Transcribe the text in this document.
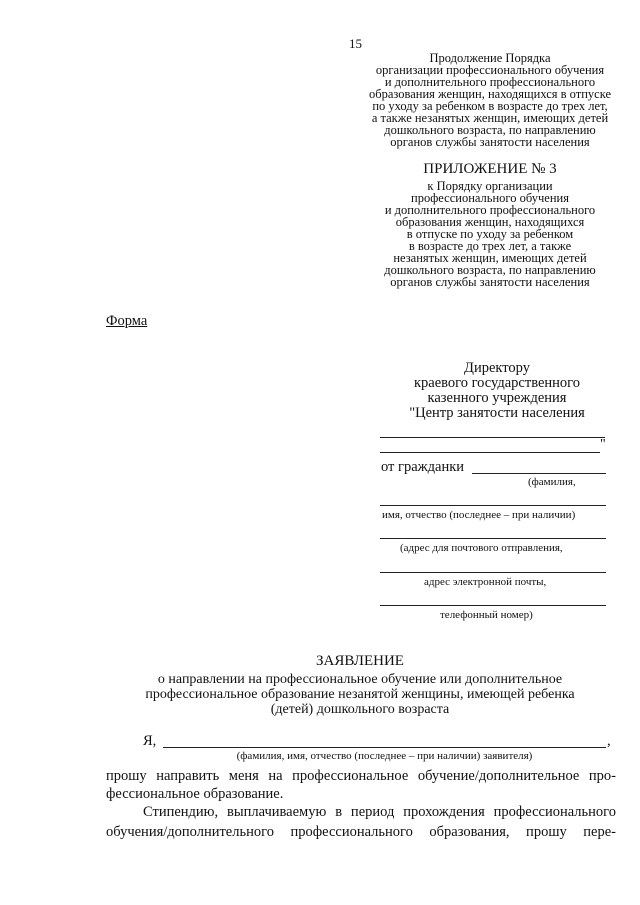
15
Продолжение Порядка
организации профессионального обучения
и дополнительного профессионального
образования женщин, находящихся в отпуске
по уходу за ребенком в возрасте до трех лет,
а также незанятых женщин, имеющих детей
дошкольного возраста, по направлению
органов службы занятости населения
ПРИЛОЖЕНИЕ № 3
к Порядку организации
профессионального обучения
и дополнительного профессионального
образования женщин, находящихся
в отпуске по уходу за ребенком
в возрасте до трех лет, а также
незанятых женщин, имеющих детей
дошкольного возраста, по направлению
органов службы занятости населения
Форма
Директору
краевого государственного
казенного учреждения
"Центр занятости населения
"
от гражданки
(фамилия,
имя, отчество (последнее – при наличии)
(адрес для почтового отправления,
адрес электронной почты,
телефонный номер)
ЗАЯВЛЕНИЕ
о направлении на профессиональное обучение или дополнительное
профессиональное образование незанятой женщины, имеющей ребенка
(детей) дошкольного возраста
Я,	,
(фамилия, имя, отчество (последнее – при наличии) заявителя)
прошу направить меня на профессиональное обучение/дополнительное про-
фессиональное образование.
Стипендию, выплачиваемую в период прохождения профессионального
обучения/дополнительного профессионального образования, прошу пере-
